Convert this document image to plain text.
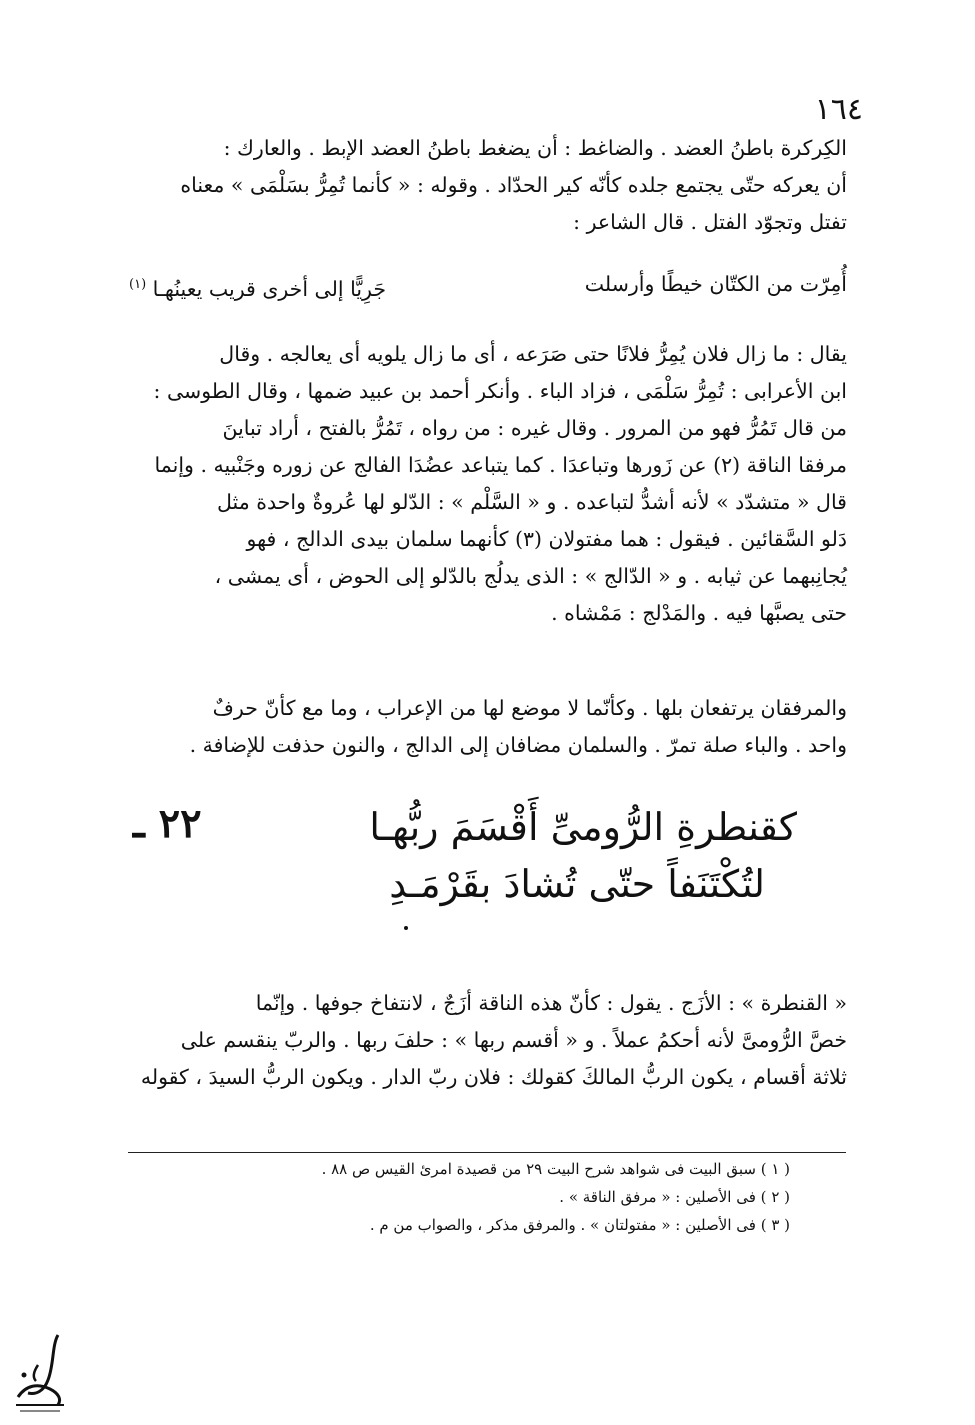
١٦٤

الكِركرة باطنُ العضد . والضاغط : أن يضغط باطنُ العضد الإبط . والعارك :

أن يعركه حتّى يجتمع جلده كأنّه كير الحدّاد . وقوله : « كأنما تُمِرُّ بسَلْمَى » معناه

تفتل وتجوّد الفتل . قال الشاعر :

أُمِرّت من الكتّان خيطًا وأرسلت
جَرِيًّا إلى أخرى قريب يعينُهـا $^{(١)}$

يقال : ما زال فلان يُمِرُّ فلانًا حتى صَرَعه ، أى ما زال يلويه أى يعالجه . وقال

ابن الأعرابى : تُمِرُّ سَلْمَى ، فزاد الباء . وأنكر أحمد بن عبيد ضمها ، وقال الطوسى :

من قال تَمُرُّ فهو من المرور . وقال غيره : من رواه ، تَمُرُّ بالفتح ، أراد تباينَ

مرفقا الناقة (٢) عن زَورها وتباعدَا . كما يتباعد عضُدَا الفالج عن زوره وجَنْبيه . وإنما

قال « متشدّد » لأنه أشدُّ لتباعده . و « السَّلْم » : الدّلو لها عُروةٌ واحدة مثل

دَلو السَّقائين . فيقول : هما مفتولان (٣) كأنهما سلمان بيدى الدالج ، فهو

يُجانِبهما عن ثيابه . و « الدّالج » : الذى يدلُج بالدّلو إلى الحوض ، أى يمشى ،

حتى يصبَّها فيه . والمَدْلج : مَمْشاه .

والمرفقان يرتفعان بلها . وكأنّما لا موضع لها من الإعراب ، وما مع كأنّ حرفٌ

واحد . والباء صلة تمرّ . والسلمان مضافان إلى الدالج ، والنون حذفت للإضافة .

٢٢ ـ	كقنطرةِ الرُّومىِّ أَقْسَمَ ربُّهـا
لتُكْتَنَفاً حتّى تُشادَ بقَرْمَـدِ

« القنطرة » : الأزَج . يقول : كأنّ هذه الناقة أزَجٌ ، لانتفاخ جوفها . وإنّما

خصَّ الرُّومىَّ لأنه أحكمُ عملاً . و « أقسم ربها » : حلفَ ربها . والربّ ينقسم على

ثلاثة أقسام ، يكون الربُّ المالكَ كقولك : فلان ربّ الدار . ويكون الربُّ السيدَ ، كقوله

( ١ ) سبق البيت فى شواهد شرح البيت ٢٩ من قصيدة امرئ القيس ص ٨٨ .
( ٢ ) فى الأصلين : « مرفق الناقة » .
( ٣ ) فى الأصلين : « مفتولتان » . والمرفق مذكر ، والصواب من م .
